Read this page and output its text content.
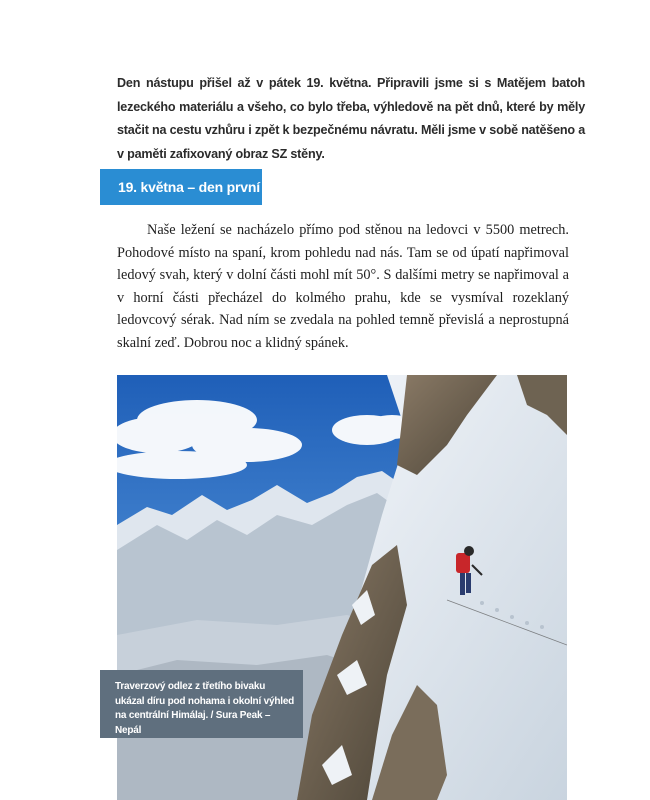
Den nástupu přišel až v pátek 19. května. Připravili jsme si s Matějem batoh lezeckého materiálu a všeho, co bylo třeba, výhledově na pět dnů, které by měly stačit na cestu vzhůru i zpět k bezpečnému návratu. Měli jsme v sobě natěšeno a v paměti zafixovaný obraz SZ stěny.

19. května – den první

Naše ležení se nacházelo přímo pod stěnou na ledovci v 5500 metrech. Pohodové místo na spaní, krom pohledu nad nás. Tam se od úpatí napřimoval ledový svah, který v dolní části mohl mít 50°. S dalšími metry se napřimoval a v horní části přecházel do kolmého prahu, kde se vysmíval rozeklaný ledovcový sérak. Nad ním se zvedala na pohled temně převislá a neprostupná skalní zeď. Dobrou noc a klidný spánek.

Traverzový odlez z třetího bivaku ukázal díru pod nohama i okolní výhled na centrální Himálaj. / Sura Peak – Nepál
